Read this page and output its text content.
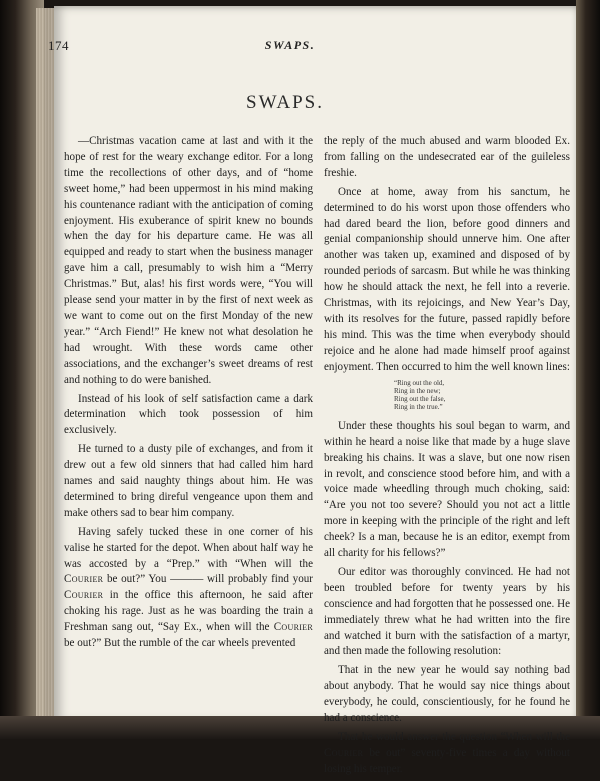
174	SWAPS.
SWAPS.

—Christmas vacation came at last and with it the hope of rest for the weary exchange editor. For a long time the recollections of other days, and of “home sweet home,” had been uppermost in his mind making his countenance radiant with the anticipation of coming enjoyment. His exuberance of spirit knew no bounds when the day for his departure came. He was all equipped and ready to start when the business manager gave him a call, presumably to wish him a “Merry Christmas.” But, alas! his first words were, “You will please send your matter in by the first of next week as we want to come out on the first Monday of the new year.” “Arch Fiend!” He knew not what desolation he had wrought. With these words came other associations, and the exchanger’s sweet dreams of rest and nothing to do were banished.

Instead of his look of self satisfaction came a dark determination which took possession of him exclusively.

He turned to a dusty pile of exchanges, and from it drew out a few old sinners that had called him hard names and said naughty things about him. He was determined to bring direful vengeance upon them and make others sad to bear him company.

Having safely tucked these in one corner of his valise he started for the depot. When about half way he was accosted by a “Prep.” with “When will the Courier be out?” You ——— will probably find your Courier in the office this afternoon, he said after choking his rage. Just as he was boarding the train a Freshman sang out, “Say Ex., when will the Courier be out?” But the rumble of the car wheels prevented

the reply of the much abused and warm blooded Ex. from falling on the undesecrated ear of the guileless freshie.

Once at home, away from his sanctum, he determined to do his worst upon those offenders who had dared beard the lion, before good dinners and genial companionship should unnerve him. One after another was taken up, examined and disposed of by rounded periods of sarcasm. But while he was thinking how he should attack the next, he fell into a reverie. Christmas, with its rejoicings, and New Year’s Day, with its resolves for the future, passed rapidly before his mind. This was the time when everybody should rejoice and he alone had made himself proof against enjoyment. Then occurred to him the well known lines:

“Ring out the old,
Ring in the new;
Ring out the false,
Ring in the true.”

Under these thoughts his soul began to warm, and within he heard a noise like that made by a huge slave breaking his chains. It was a slave, but one now risen in revolt, and conscience stood before him, and with a voice made wheedling through much choking, said: “Are you not too severe? Should you not act a little more in keeping with the principle of the right and left cheek? Is a man, because he is an editor, exempt from all charity for his fellows?”

Our editor was thoroughly convinced. He had not been troubled before for twenty years by his conscience and had forgotten that he possessed one. He immediately threw what he had written into the fire and watched it burn with the satisfaction of a martyr, and then made the following resolution:

That in the new year he would say nothing bad about anybody. That he would say nice things about everybody, he could, conscientiously, for he found he had a conscience.

That he would answer the question “When will the Courier be out” seventy-five times a day without losing his temper.
